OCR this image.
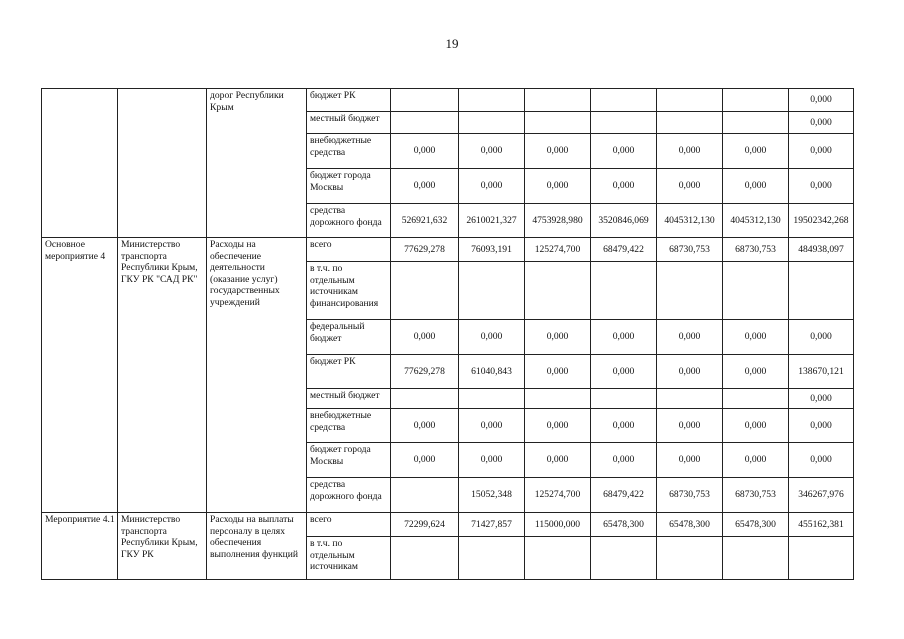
19
		дорог Республики Крым	бюджет РК							0,000
			местный бюджет							0,000
			внебюджетные средства	0,000	0,000	0,000	0,000	0,000	0,000	0,000
			бюджет города Москвы	0,000	0,000	0,000	0,000	0,000	0,000	0,000
			средства дорожного фонда	526921,632	2610021,327	4753928,980	3520846,069	4045312,130	4045312,130	19502342,268
Основное мероприятие 4	Министерство транспорта Республики Крым, ГКУ РК "САД РК"	Расходы на обеспечение деятельности (оказание услуг) государственных учреждений	всего	77629,278	76093,191	125274,700	68479,422	68730,753	68730,753	484938,097
			в т.ч. по отдельным источникам финансирования							
			федеральный бюджет	0,000	0,000	0,000	0,000	0,000	0,000	0,000
			бюджет РК	77629,278	61040,843	0,000	0,000	0,000	0,000	138670,121
			местный бюджет							0,000
			внебюджетные средства	0,000	0,000	0,000	0,000	0,000	0,000	0,000
			бюджет города Москвы	0,000	0,000	0,000	0,000	0,000	0,000	0,000
			средства дорожного фонда		15052,348	125274,700	68479,422	68730,753	68730,753	346267,976
Мероприятие 4.1	Министерство транспорта Республики Крым, ГКУ РК	Расходы на выплаты персоналу в целях обеспечения выполнения функций	всего	72299,624	71427,857	115000,000	65478,300	65478,300	65478,300	455162,381
			в т.ч. по отдельным источникам							
